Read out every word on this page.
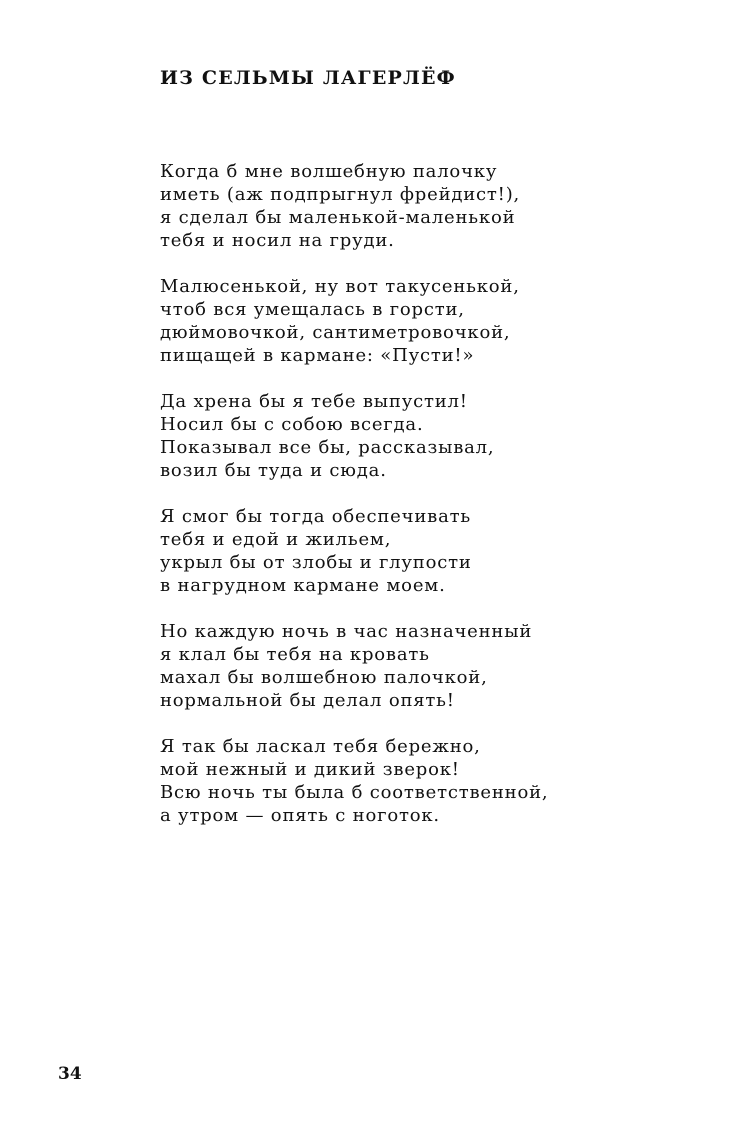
ИЗ СЕЛЬМЫ ЛАГЕРЛЁФ
Когда б мне волшебную палочку
иметь (аж подпрыгнул фрейдист!),
я сделал бы маленькой-маленькой
тебя и носил на груди.
Малюсенькой, ну вот такусенькой,
чтоб вся умещалась в горсти,
дюймовочкой, сантиметровочкой,
пищащей в кармане: «Пусти!»
Да хрена бы я тебе выпустил!
Носил бы с собою всегда.
Показывал все бы, рассказывал,
возил бы туда и сюда.
Я смог бы тогда обеспечивать
тебя и едой и жильем,
укрыл бы от злобы и глупости
в нагрудном кармане моем.
Но каждую ночь в час назначенный
я клал бы тебя на кровать
махал бы волшебною палочкой,
нормальной бы делал опять!
Я так бы ласкал тебя бережно,
мой нежный и дикий зверок!
Всю ночь ты была б соответственной,
а утром — опять с ноготок.
34
